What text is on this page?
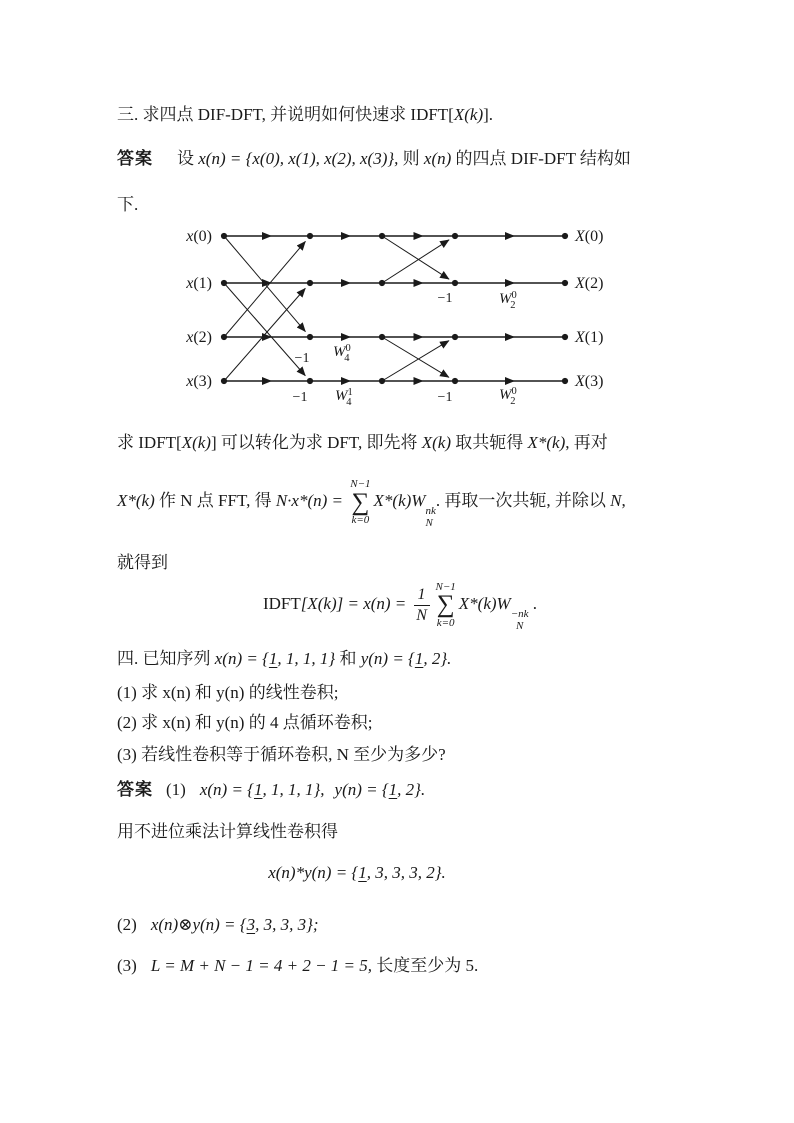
三. 求四点 DIF-DFT, 并说明如何快速求 IDFT[X(k)].
答案 设 x(n) = {x(0), x(1), x(2), x(3)}, 则 x(n) 的四点 DIF-DFT 结构如
下.
x(0)
x(1)
x(2)
x(3)
X(0)
X(2)
X(1)
X(3)
−1
−1
−1
−1
$W^0$ 4
$W^1$ 4
$W^0$ 2
$W^0$ 2
求 IDFT[X(k)] 可以转化为求 DFT, 即先将 X(k) 取共轭得 X*(k), 再对
X*(k) 作 N 点 FFT, 得 N·x*(n) =
N−1
∑
k=0
X*(k)W
nk
N
. 再取一次共轭, 并除以 N,
就得到
IDFT[X(k)] = $x(n) = \frac{1}{N} N-1$
∑
k=0
X*(k)W
−nk
N
.
四. 已知序列 x(n) = {1, 1, 1, 1} 和 y(n) = {1, 2}.
(1) 求 x(n) 和 y(n) 的线性卷积;
(2) 求 x(n) 和 y(n) 的 4 点循环卷积;
(3) 若线性卷积等于循环卷积, N 至少为多少?
答案 (1) x(n) = {1, 1, 1, 1}, y(n) = {1, 2}.
用不进位乘法计算线性卷积得
x(n)*y(n) = {1, 3, 3, 3, 2}.
(2) x(n)⊗y(n) = {3, 3, 3, 3};
(3) L = M + N − 1 = 4 + 2 − 1 = 5, 长度至少为 5.
